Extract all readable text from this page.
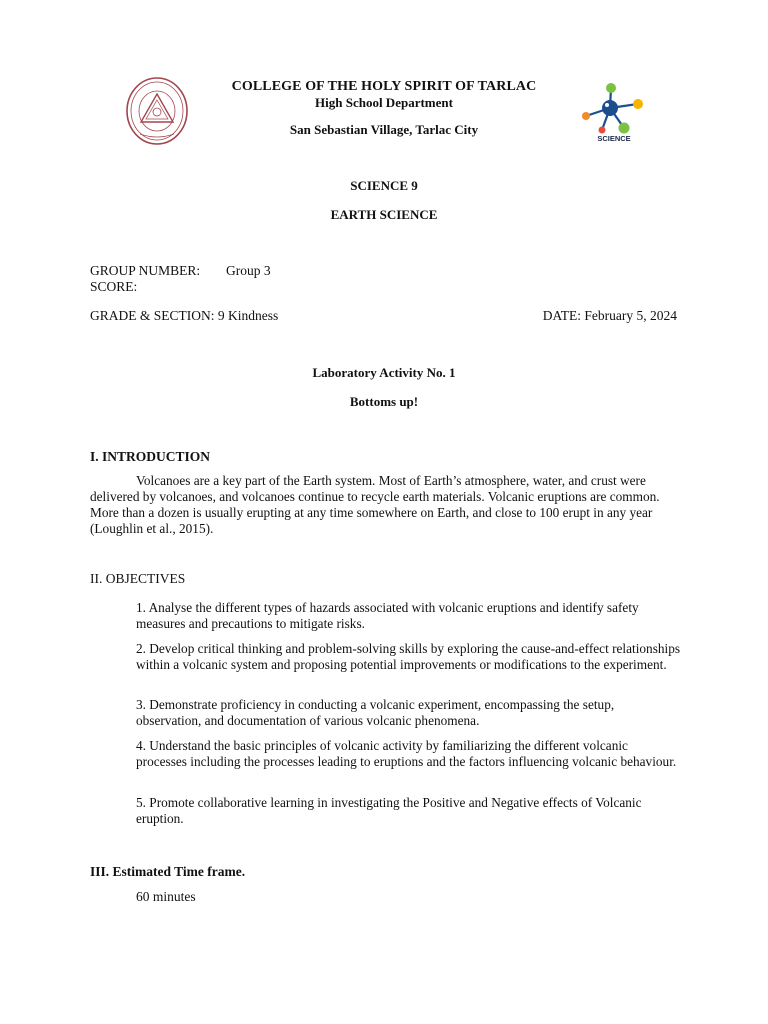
COLLEGE OF THE HOLY SPIRIT OF TARLAC
High School Department
San Sebastian Village, Tarlac City
SCIENCE
SCIENCE 9
EARTH SCIENCE
GROUP NUMBER: Group 3
SCORE:
GRADE & SECTION: 9 Kindness	DATE: February 5, 2024
Laboratory Activity No. 1
Bottoms up!
I. INTRODUCTION
Volcanoes are a key part of the Earth system. Most of Earth’s atmosphere, water, and crust were delivered by volcanoes, and volcanoes continue to recycle earth materials. Volcanic eruptions are common. More than a dozen is usually erupting at any time somewhere on Earth, and close to 100 erupt in any year (Loughlin et al., 2015).
II. OBJECTIVES
1. Analyse the different types of hazards associated with volcanic eruptions and identify safety measures and precautions to mitigate risks.
2. Develop critical thinking and problem-solving skills by exploring the cause-and-effect relationships within a volcanic system and proposing potential improvements or modifications to the experiment.
3. Demonstrate proficiency in conducting a volcanic experiment, encompassing the setup, observation, and documentation of various volcanic phenomena.
4. Understand the basic principles of volcanic activity by familiarizing the different volcanic processes including the processes leading to eruptions and the factors influencing volcanic behaviour.
5. Promote collaborative learning in investigating the Positive and Negative effects of Volcanic eruption.
III. Estimated Time frame.
60 minutes
